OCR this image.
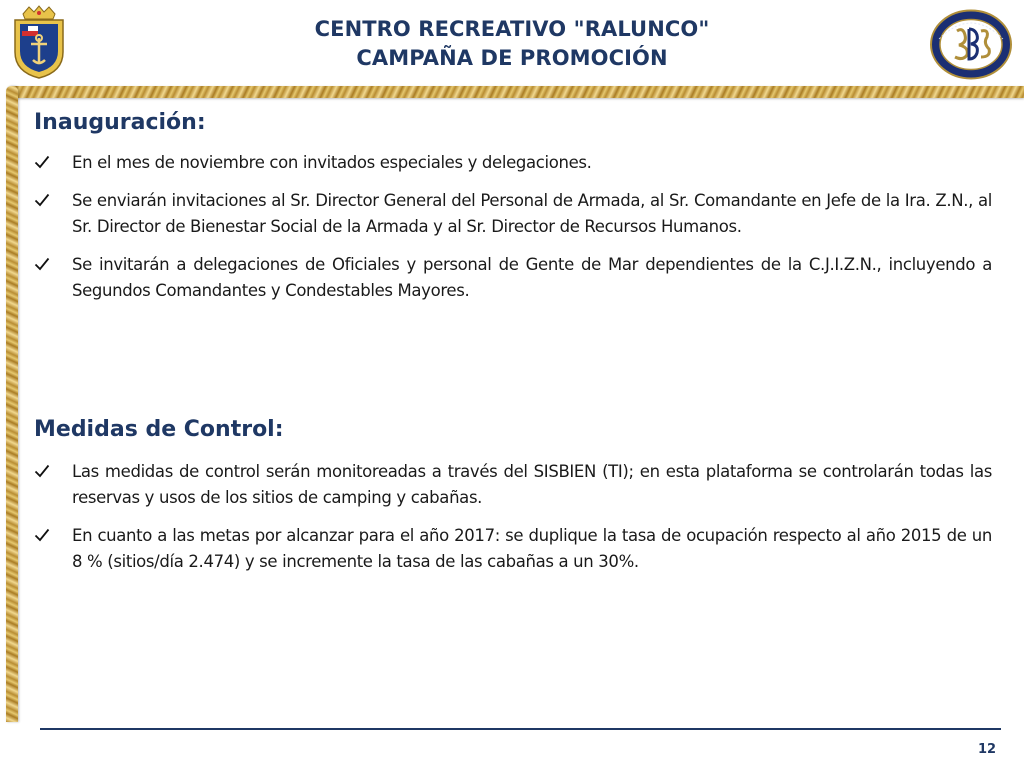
CENTRO RECREATIVO "RALUNCO"
CAMPAÑA DE PROMOCIÓN
Inauguración:
En el mes de noviembre con invitados especiales y delegaciones.
Se enviarán invitaciones al Sr. Director General del Personal de Armada, al Sr. Comandante en Jefe de la Ira. Z.N., al Sr. Director de Bienestar Social de la Armada y al Sr. Director de Recursos Humanos.
Se invitarán a delegaciones de Oficiales y personal de Gente de Mar dependientes de la C.J.I.Z.N., incluyendo a Segundos Comandantes y Condestables Mayores.
Medidas de Control:
Las medidas de control serán monitoreadas a través del SISBIEN (TI); en esta plataforma se controlarán todas las reservas y usos de los sitios de camping y cabañas.
En cuanto a las metas por alcanzar para el año 2017: se duplique la tasa de ocupación respecto al año 2015 de un 8 % (sitios/día 2.474) y se incremente la tasa de las cabañas a un 30%.
12
